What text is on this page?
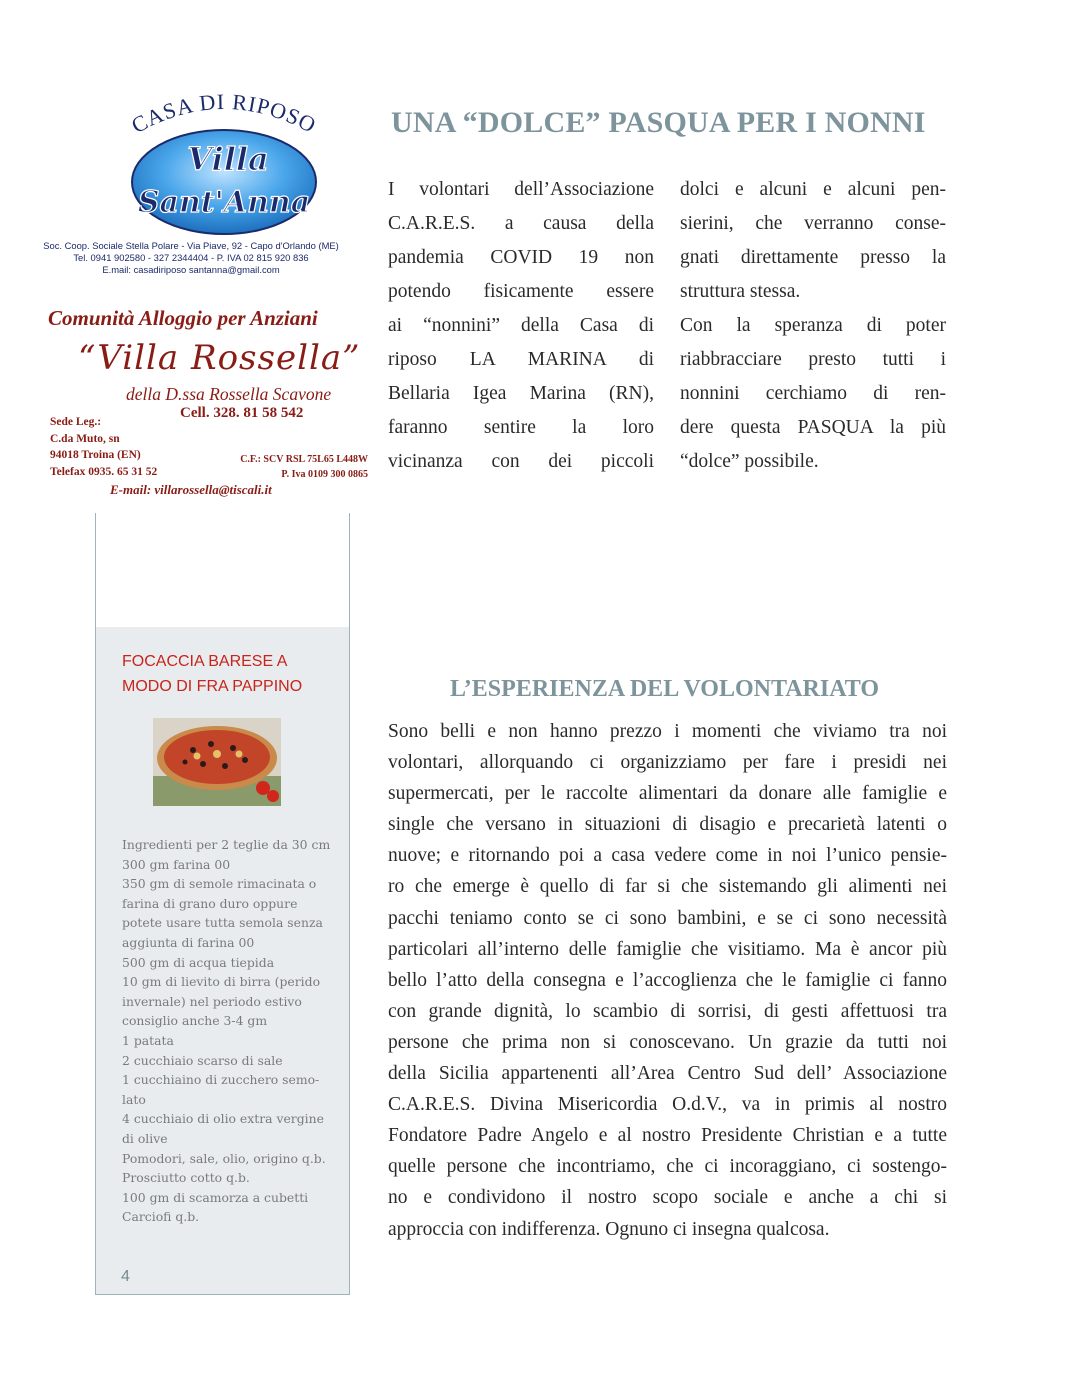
CASA DI RIPOSO
Villa
Sant'Anna
Soc. Coop. Sociale Stella Polare - Via Piave, 92 - Capo d'Orlando (ME)
Tel. 0941 902580 - 327 2344404 - P. IVA 02 815 920 836
E.mail: casadiriposo santanna@gmail.com
Comunità Alloggio per Anziani
“Villa Rossella”
della D.ssa Rossella Scavone
Cell. 328. 81 58 542
Sede Leg.:
C.da Muto, sn
94018 Troina (EN)
Telefax 0935. 65 31 52
C.F.: SCV RSL 75L65 L448W
P. Iva 0109 300 0865
E-mail: villarossella@tiscali.it
FOCACCIA BARESE A
MODO DI FRA PAPPINO
Ingredienti per 2 teglie da 30 cm
300 gm farina 00
350 gm di semole rimacinata o farina di grano duro oppure potete usare tutta semola senza aggiunta di farina 00
500 gm di acqua tiepida
10 gm di lievito di birra (perido invernale) nel periodo estivo consiglio anche 3-4 gm
1 patata
2 cucchiaio scarso di sale
1 cucchiaino di zucchero semo-lato
4 cucchiaio di olio extra vergine di olive
Pomodori, sale, olio, origino q.b.
Prosciutto cotto q.b.
100 gm di scamorza a cubetti
Carciofi q.b.
4
UNA “DOLCE” PASQUA PER I NONNI
I volontari dell’Associazione
C.A.R.E.S. a causa della
pandemia COVID 19 non
potendo fisicamente essere
ai “nonnini” della Casa di
riposo LA MARINA di
Bellaria Igea Marina (RN),
faranno sentire la loro
vicinanza con dei piccoli
dolci e alcuni e alcuni pen-
sierini, che verranno conse-
gnati direttamente presso la
struttura stessa.
Con la speranza di poter
riabbracciare presto tutti i
nonnini cerchiamo di ren-
dere questa PASQUA la più
“dolce” possibile.
L’ESPERIENZA DEL VOLONTARIATO
Sono belli e non hanno prezzo i momenti che viviamo tra noi
volontari, allorquando ci organizziamo per fare i presidi nei
supermercati, per le raccolte alimentari da donare alle famiglie e
single che versano in situazioni di disagio e precarietà latenti o
nuove; e ritornando poi a casa vedere come in noi l’unico pensie-
ro che emerge è quello di far si che sistemando gli alimenti nei
pacchi teniamo conto se ci sono bambini, e se ci sono necessità
particolari all’interno delle famiglie che visitiamo. Ma è ancor più
bello l’atto della consegna e l’accoglienza che le famiglie ci fanno
con grande dignità, lo scambio di sorrisi, di gesti affettuosi tra
persone che prima non si conoscevano. Un grazie da tutti noi
della Sicilia appartenenti all’Area Centro Sud dell’ Associazione
C.A.R.E.S. Divina Misericordia O.d.V., va in primis al nostro
Fondatore Padre Angelo e al nostro Presidente Christian e a tutte
quelle persone che incontriamo, che ci incoraggiano, ci sostengo-
no e condividono il nostro scopo sociale e anche a chi si
approccia con indifferenza. Ognuno ci insegna qualcosa.
